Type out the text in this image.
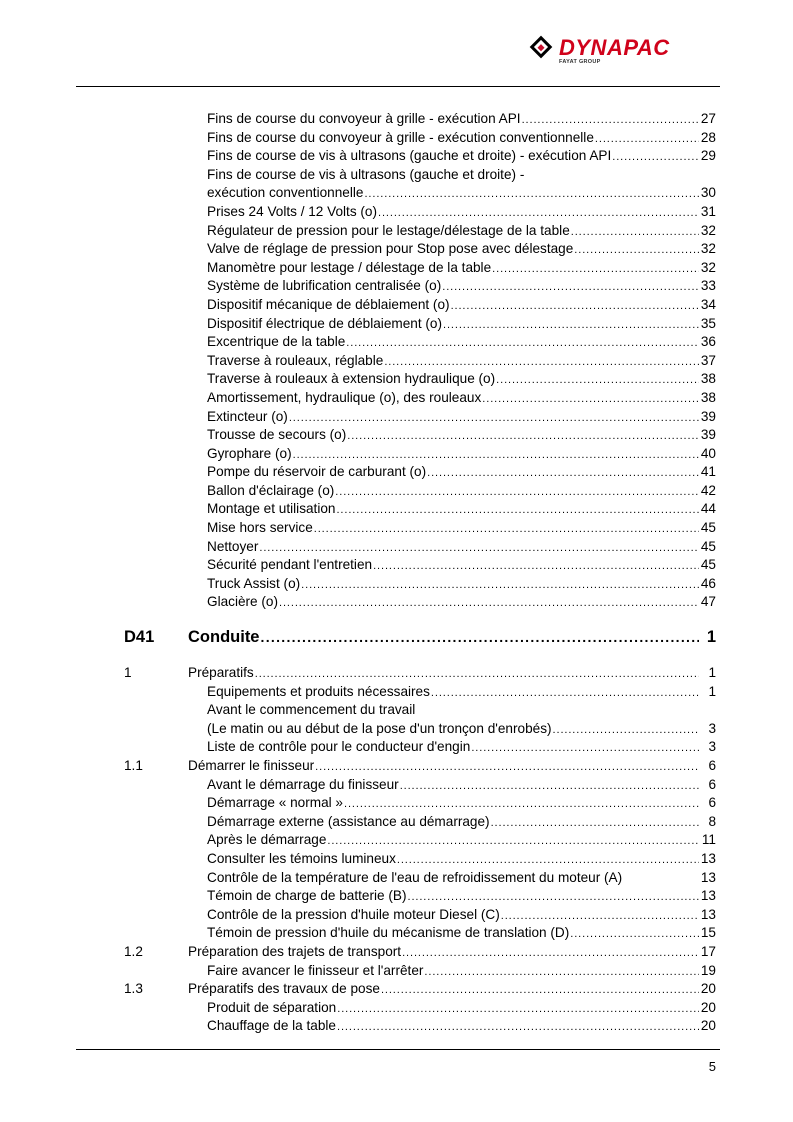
DYNAPAC
FAYAT GROUP
Fins de course du convoyeur à grille - exécution API .....	27
Fins de course du convoyeur à grille - exécution conventionnelle .....	28
Fins de course de vis à ultrasons (gauche et droite) - exécution API .....	29
Fins de course de vis à ultrasons (gauche et droite) -
exécution conventionnelle .....	30
Prises 24 Volts / 12 Volts (o) .....	31
Régulateur de pression pour le lestage/délestage de la table .....	32
Valve de réglage de pression pour Stop pose avec délestage .....	32
Manomètre pour lestage / délestage de la table .....	32
Système de lubrification centralisée (o) .....	33
Dispositif mécanique de déblaiement (o) .....	34
Dispositif électrique de déblaiement (o) .....	35
Excentrique de la table .....	36
Traverse à rouleaux, réglable .....	37
Traverse à rouleaux à extension hydraulique (o) .....	38
Amortissement, hydraulique (o), des rouleaux .....	38
Extincteur (o) .....	39
Trousse de secours (o) .....	39
Gyrophare (o) .....	40
Pompe du réservoir de carburant (o) .....	41
Ballon d'éclairage (o) .....	42
Montage et utilisation .....	44
Mise hors service .....	45
Nettoyer .....	45
Sécurité pendant l'entretien .....	45
Truck Assist (o) .....	46
Glacière (o) .....	47
D41 Conduite .....	1
1	Préparatifs .....	1
Equipements et produits nécessaires .....	1
Avant le commencement du travail
(Le matin ou au début de la pose d'un tronçon d'enrobés) .....	3
Liste de contrôle pour le conducteur d'engin .....	3
1.1	Démarrer le finisseur .....	6
Avant le démarrage du finisseur .....	6
Démarrage « normal » .....	6
Démarrage externe (assistance au démarrage) .....	8
Après le démarrage .....	11
Consulter les témoins lumineux .....	13
Contrôle de la température de l'eau de refroidissement du moteur (A)	13
Témoin de charge de batterie (B) .....	13
Contrôle de la pression d'huile moteur Diesel (C) .....	13
Témoin de pression d'huile du mécanisme de translation (D) .....	15
1.2	Préparation des trajets de transport .....	17
Faire avancer le finisseur et l'arrêter .....	19
1.3	Préparatifs des travaux de pose .....	20
Produit de séparation .....	20
Chauffage de la table .....	20
5
